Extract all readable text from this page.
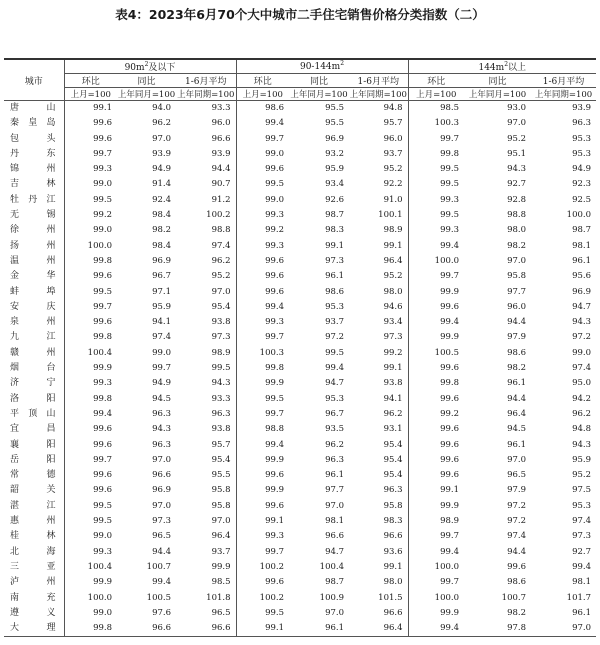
表4：2023年6月70个大中城市二手住宅销售价格分类指数（二）
城市	$90m^2$及以下			$90-144m^2$			$144m^2$以上		
	环比	同比	1-6月平均	环比	同比	1-6月平均	环比	同比	1-6月平均
	上月=100	上年同月=100	上年同期=100	上月=100	上年同月=100	上年同期=100	上月=100	上年同月=100	上年同期=100
唐山	99.1	94.0	93.3	98.6	95.5	94.8	98.5	93.0	93.9
秦皇岛	99.6	96.2	96.0	99.4	95.5	95.7	100.3	97.0	96.3
包头	99.6	97.0	96.6	99.7	96.9	96.0	99.7	95.2	95.3
丹东	99.7	93.9	93.9	99.0	93.2	93.7	99.8	95.1	95.3
锦州	99.3	94.9	94.4	99.6	95.9	95.2	99.5	94.3	94.9
吉林	99.0	91.4	90.7	99.5	93.4	92.2	99.5	92.7	92.3
牡丹江	99.5	92.4	91.2	99.0	92.6	91.0	99.3	92.8	92.5
无锡	99.2	98.4	100.2	99.3	98.7	100.1	99.5	98.8	100.0
徐州	99.0	98.2	98.8	99.2	98.3	98.9	99.3	98.0	98.7
扬州	100.0	98.4	97.4	99.3	99.1	99.1	99.4	98.2	98.1
温州	99.8	96.9	96.2	99.6	97.3	96.4	100.0	97.0	96.1
金华	99.6	96.7	95.2	99.6	96.1	95.2	99.7	95.8	95.6
蚌埠	99.5	97.1	97.0	99.6	98.6	98.0	99.9	97.7	96.9
安庆	99.7	95.9	95.4	99.4	95.3	94.6	99.6	96.0	94.7
泉州	99.6	94.1	93.8	99.3	93.7	93.4	99.4	94.4	94.3
九江	99.8	97.4	97.3	99.7	97.2	97.3	99.9	97.9	97.2
赣州	100.4	99.0	98.9	100.3	99.5	99.2	100.5	98.6	99.0
烟台	99.9	99.7	99.5	99.8	99.4	99.1	99.6	98.2	97.4
济宁	99.3	94.9	94.3	99.9	94.7	93.8	99.8	96.1	95.0
洛阳	99.8	94.5	93.3	99.5	95.3	94.1	99.6	94.4	94.2
平顶山	99.4	96.3	96.3	99.7	96.7	96.2	99.2	96.4	96.2
宜昌	99.6	94.3	93.8	98.8	93.5	93.1	99.6	94.5	94.8
襄阳	99.6	96.3	95.7	99.4	96.2	95.4	99.6	96.1	94.3
岳阳	99.7	97.0	95.4	99.9	96.3	95.4	99.6	97.0	95.9
常德	99.6	96.6	95.5	99.6	96.1	95.4	99.6	96.5	95.2
韶关	99.6	96.9	95.8	99.9	97.7	96.3	99.1	97.9	97.5
湛江	99.5	97.0	95.8	99.6	97.0	95.8	99.9	97.2	95.3
惠州	99.5	97.3	97.0	99.1	98.1	98.3	98.9	97.2	97.4
桂林	99.0	96.5	96.4	99.3	96.6	96.6	99.7	97.4	97.3
北海	99.3	94.4	93.7	99.7	94.7	93.6	99.4	94.4	92.7
三亚	100.4	100.7	99.9	100.2	100.4	99.1	100.0	99.6	99.4
泸州	99.9	99.4	98.5	99.6	98.7	98.0	99.7	98.6	98.1
南充	100.0	100.5	101.8	100.2	100.9	101.5	100.0	100.7	101.7
遵义	99.0	97.6	96.5	99.5	97.0	96.6	99.9	98.2	96.1
大理	99.8	96.6	96.6	99.1	96.1	96.4	99.4	97.8	97.0
